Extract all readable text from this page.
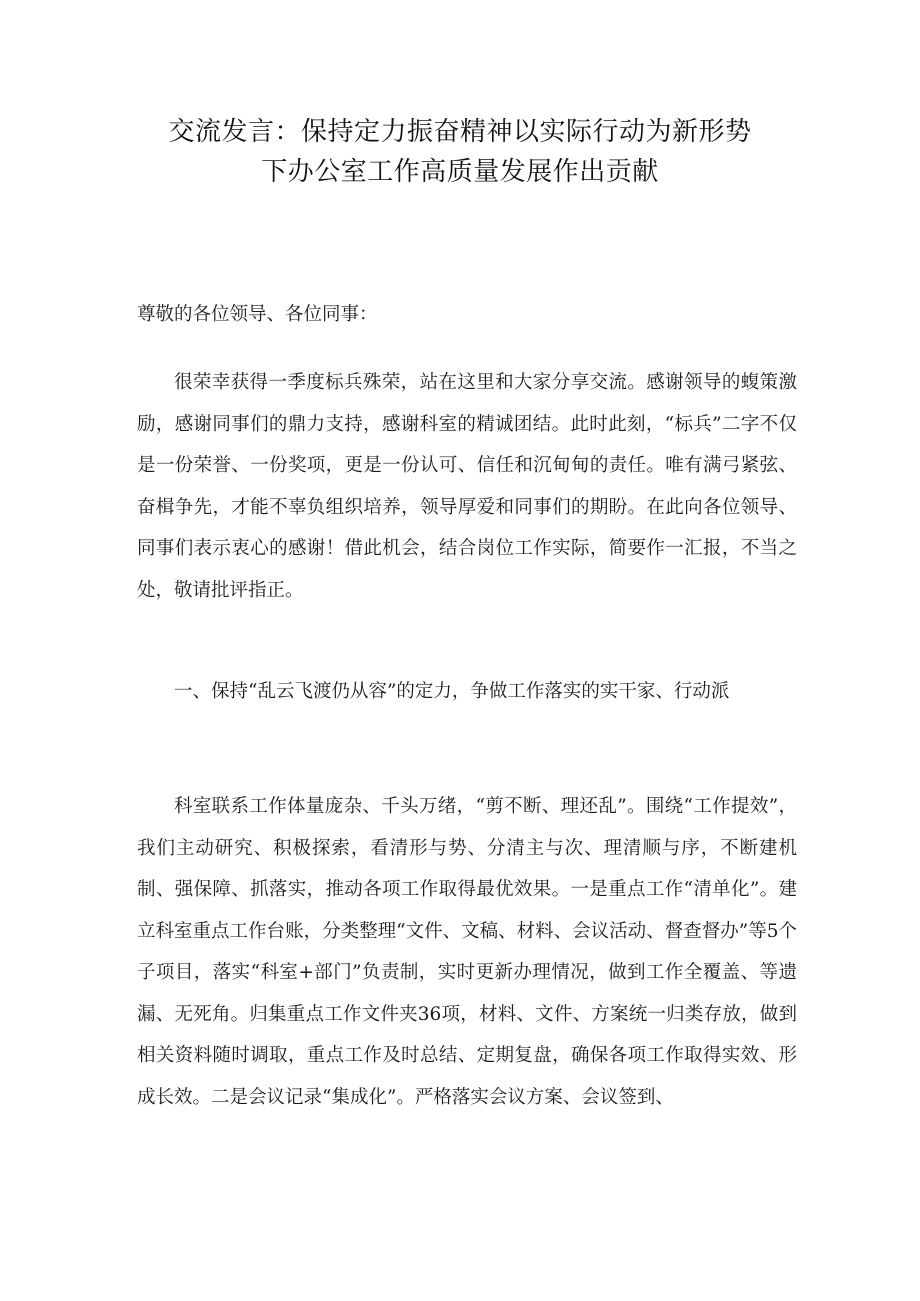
交流发言：保持定力振奋精神以实际行动为新形势
下办公室工作高质量发展作出贡献
尊敬的各位领导、各位同事：
很荣幸获得一季度标兵殊荣，站在这里和大家分享交流。感谢领导的蝮策激励，感谢同事们的鼎力支持，感谢科室的精诚团结。此时此刻，“标兵”二字不仅是一份荣誉、一份奖项，更是一份认可、信任和沉甸甸的责任。唯有满弓紧弦、奋楫争先，才能不辜负组织培养，领导厚爱和同事们的期盼。在此向各位领导、同事们表示衷心的感谢！借此机会，结合岗位工作实际，简要作一汇报，不当之处，敬请批评指正。
一、保持“乱云飞渡仍从容”的定力，争做工作落实的实干家、行动派
科室联系工作体量庞杂、千头万绪，“剪不断、理还乱”。围绕“工作提效”，我们主动研究、积极探索，看清形与势、分清主与次、理清顺与序，不断建机制、强保障、抓落实，推动各项工作取得最优效果。一是重点工作“清单化”。建立科室重点工作台账，分类整理“文件、文稿、材料、会议活动、督查督办”等5个子项目，落实“科室+部门”负责制，实时更新办理情况，做到工作全覆盖、等遗漏、无死角。归集重点工作文件夹36项，材料、文件、方案统一归类存放，做到相关资料随时调取，重点工作及时总结、定期复盘，确保各项工作取得实效、形成长效。二是会议记录“集成化”。严格落实会议方案、会议签到、
